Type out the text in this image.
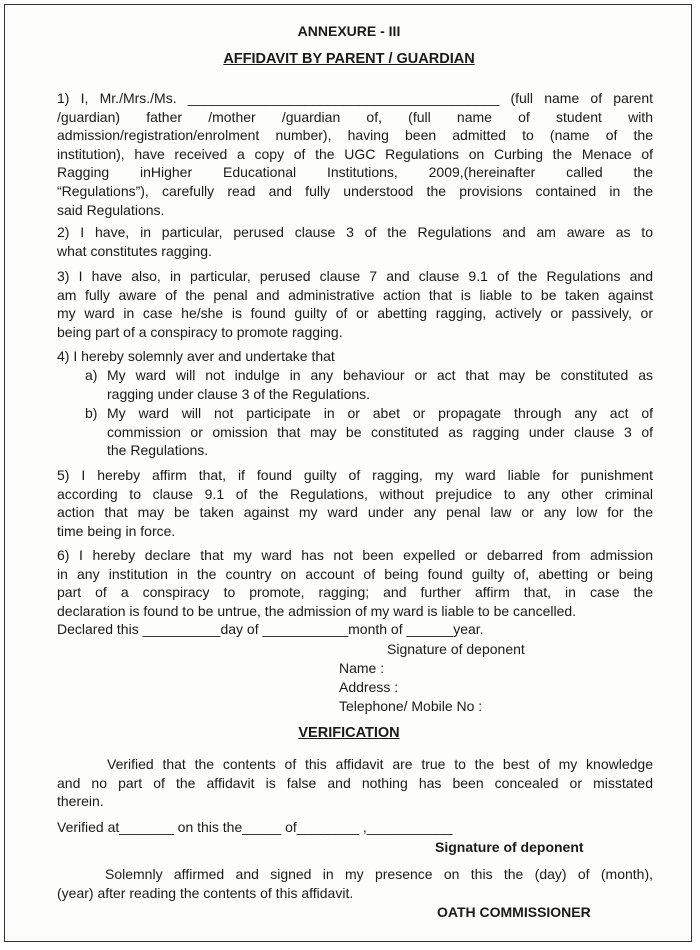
ANNEXURE - III
AFFIDAVIT BY PARENT / GUARDIAN
1) I, Mr./Mrs./Ms. ________________________________________ (full name of parent
/guardian) father /mother /guardian of, (full name of student with
admission/registration/enrolment number), having been admitted to (name of the
institution), have received a copy of the UGC Regulations on Curbing the Menace of
Ragging inHigher Educational Institutions, 2009,(hereinafter called the
“Regulations”), carefully read and fully understood the provisions contained in the
said Regulations.
2) I have, in particular, perused clause 3 of the Regulations and am aware as to
what constitutes ragging.
3) I have also, in particular, perused clause 7 and clause 9.1 of the Regulations and
am fully aware of the penal and administrative action that is liable to be taken against
my ward in case he/she is found guilty of or abetting ragging, actively or passively, or
being part of a conspiracy to promote ragging.
4) I hereby solemnly aver and undertake that
a) My ward will not indulge in any behaviour or act that may be constituted as
ragging under clause 3 of the Regulations.
b) My ward will not participate in or abet or propagate through any act of
commission or omission that may be constituted as ragging under clause 3 of
the Regulations.
5) I hereby affirm that, if found guilty of ragging, my ward liable for punishment
according to clause 9.1 of the Regulations, without prejudice to any other criminal
action that may be taken against my ward under any penal law or any low for the
time being in force.
6) I hereby declare that my ward has not been expelled or debarred from admission
in any institution in the country on account of being found guilty of, abetting or being
part of a conspiracy to promote, ragging; and further affirm that, in case the
declaration is found to be untrue, the admission of my ward is liable to be cancelled.
Declared this __________day of ___________month of ______year.
Signature of deponent
Name :
Address :
Telephone/ Mobile No :
VERIFICATION
Verified that the contents of this affidavit are true to the best of my knowledge
and no part of the affidavit is false and nothing has been concealed or misstated
therein.
Verified at_______ on this the_____ of________ ,___________
Signature of deponent
Solemnly affirmed and signed in my presence on this the (day) of (month),
(year) after reading the contents of this affidavit.
OATH COMMISSIONER
